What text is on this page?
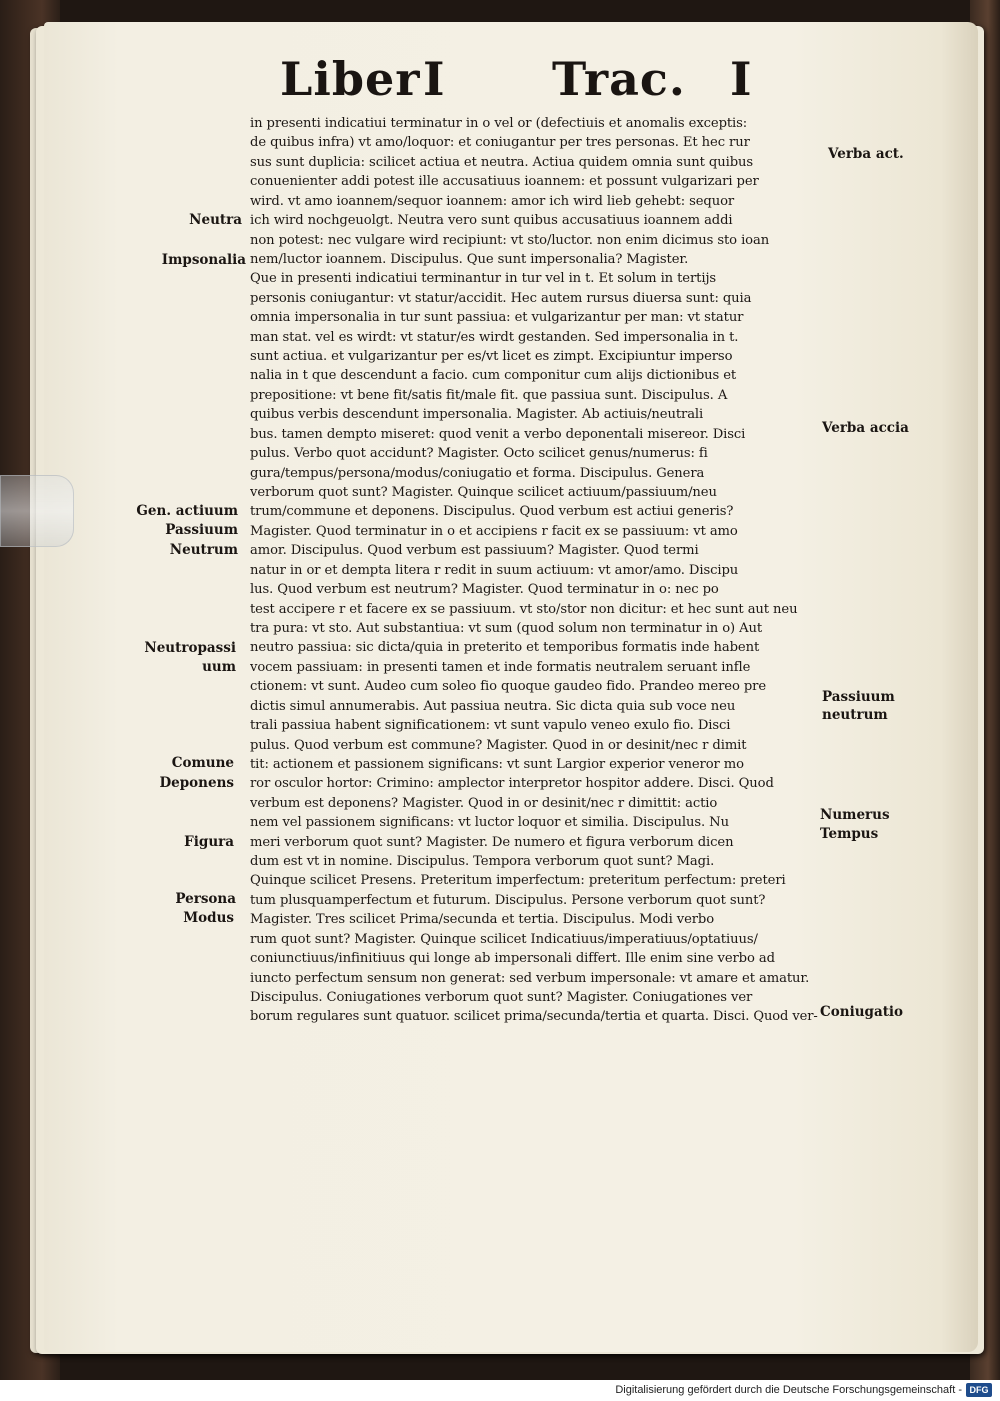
Liber I Trac. I
in presenti indicatiui terminatur in o vel or (defectiuis et anomalis exceptis:
de quibus infra) vt amo/loquor: et coniugantur per tres personas. Et hec rur
sus sunt duplicia: scilicet actiua et neutra. Actiua quidem omnia sunt quibus
conuenienter addi potest ille accusatiuus ioannem: et possunt vulgarizari per
wird. vt amo ioannem/sequor ioannem: amor ich wird lieb gehebt: sequor
ich wird nochgeuolgt. Neutra vero sunt quibus accusatiuus ioannem addi
non potest: nec vulgare wird recipiunt: vt sto/luctor. non enim dicimus sto ioan
nem/luctor ioannem. Discipulus. Que sunt impersonalia? Magister.
Que in presenti indicatiui terminantur in tur vel in t. Et solum in tertijs
personis coniugantur: vt statur/accidit. Hec autem rursus diuersa sunt: quia
omnia impersonalia in tur sunt passiua: et vulgarizantur per man: vt statur
man stat. vel es wirdt: vt statur/es wirdt gestanden. Sed impersonalia in t.
sunt actiua. et vulgarizantur per es/vt licet es zimpt. Excipiuntur imperso
nalia in t que descendunt a facio. cum componitur cum alijs dictionibus et
prepositione: vt bene fit/satis fit/male fit. que passiua sunt. Discipulus. A
quibus verbis descendunt impersonalia. Magister. Ab actiuis/neutrali
bus. tamen dempto miseret: quod venit a verbo deponentali misereor. Disci
pulus. Verbo quot accidunt? Magister. Octo scilicet genus/numerus: fi
gura/tempus/persona/modus/coniugatio et forma. Discipulus. Genera
verborum quot sunt? Magister. Quinque scilicet actiuum/passiuum/neu
trum/commune et deponens. Discipulus. Quod verbum est actiui generis?
Magister. Quod terminatur in o et accipiens r facit ex se passiuum: vt amo
amor. Discipulus. Quod verbum est passiuum? Magister. Quod termi
natur in or et dempta litera r redit in suum actiuum: vt amor/amo. Discipu
lus. Quod verbum est neutrum? Magister. Quod terminatur in o: nec po
test accipere r et facere ex se passiuum. vt sto/stor non dicitur: et hec sunt aut neu
tra pura: vt sto. Aut substantiua: vt sum (quod solum non terminatur in o) Aut
neutro passiua: sic dicta/quia in preterito et temporibus formatis inde habent
vocem passiuam: in presenti tamen et inde formatis neutralem seruant infle
ctionem: vt sunt. Audeo cum soleo fio quoque gaudeo fido. Prandeo mereo pre
dictis simul annumerabis. Aut passiua neutra. Sic dicta quia sub voce neu
trali passiua habent significationem: vt sunt vapulo veneo exulo fio. Disci
pulus. Quod verbum est commune? Magister. Quod in or desinit/nec r dimit
tit: actionem et passionem significans: vt sunt Largior experior veneror mo
ror osculor hortor: Crimino: amplector interpretor hospitor addere. Disci. Quod
verbum est deponens? Magister. Quod in or desinit/nec r dimittit: actio
nem vel passionem significans: vt luctor loquor et similia. Discipulus. Nu
meri verborum quot sunt? Magister. De numero et figura verborum dicen
dum est vt in nomine. Discipulus. Tempora verborum quot sunt? Magi.
Quinque scilicet Presens. Preteritum imperfectum: preteritum perfectum: preteri
tum plusquamperfectum et futurum. Discipulus. Persone verborum quot sunt?
Magister. Tres scilicet Prima/secunda et tertia. Discipulus. Modi verbo
rum quot sunt? Magister. Quinque scilicet Indicatiuus/imperatiuus/optatiuus/
coniunctiuus/infinitiuus qui longe ab impersonali differt. Ille enim sine verbo ad
iuncto perfectum sensum non generat: sed verbum impersonale: vt amare et amatur.
Discipulus. Coniugationes verborum quot sunt? Magister. Coniugationes ver
borum regulares sunt quatuor. scilicet prima/secunda/tertia et quarta. Disci. Quod ver-
Neutra
Impsonalia
Gen. actiuum
Passiuum
Neutrum
Neutropassi
uum
Comune
Deponens
Figura
Persona
Modus
Verba act.
Verba accia
Passiuum
neutrum
Numerus
Tempus
Coniugatio
Digitalisierung gefördert durch die Deutsche Forschungsgemeinschaft - DFG
